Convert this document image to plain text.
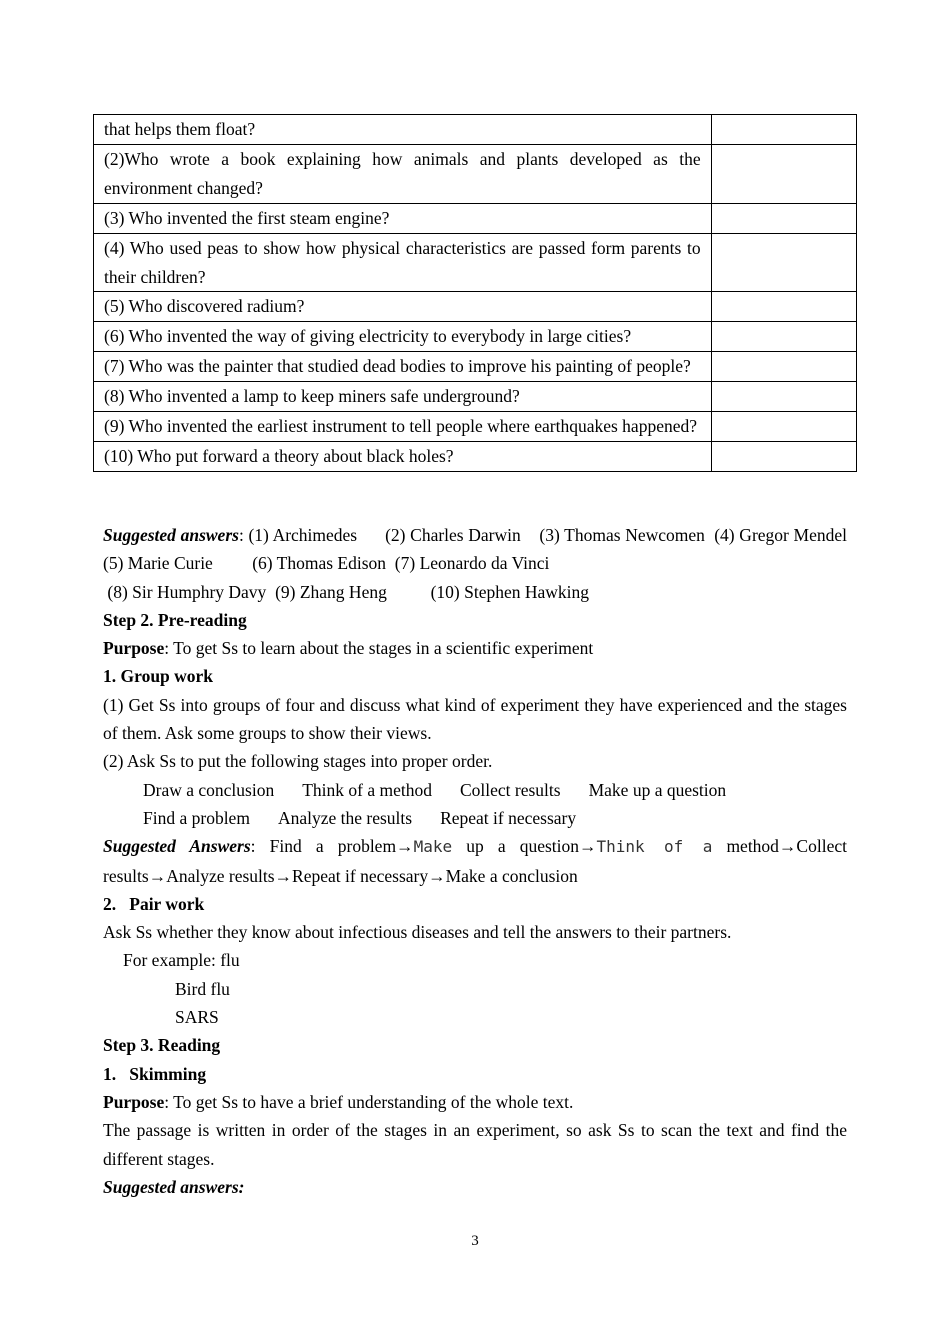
that helps them float?	
(2)Who wrote a book explaining how animals and plants developed as the environment changed?	
(3) Who invented the first steam engine?	
(4) Who used peas to show how physical characteristics are passed form parents to their children?	
(5) Who discovered radium?	
(6) Who invented the way of giving electricity to everybody in large cities?	
(7) Who was the painter that studied dead bodies to improve his painting of people?	
(8) Who invented a lamp to keep miners safe underground?	
(9) Who invented the earliest instrument to tell people where earthquakes happened?	
(10) Who put forward a theory about black holes?	

Suggested answers: (1) Archimedes (2) Charles Darwin (3) Thomas Newcomen (4) Gregor Mendel

(5) Marie Curie (6) Thomas Edison (7) Leonardo da Vinci

(8) Sir Humphry Davy (9) Zhang Heng	(10) Stephen Hawking

Step 2. Pre-reading

Purpose: To get Ss to learn about the stages in a scientific experiment

1. Group work

(1) Get Ss into groups of four and discuss what kind of experiment they have experienced and the stages of them. Ask some groups to show their views.

(2) Ask Ss to put the following stages into proper order.

Draw a conclusion Think of a method Collect results Make up a question

Find a problem Analyze the results Repeat if necessary

Suggested Answers: Find a problem→Make up a question→Think of a method→Collect

results→Analyze results→Repeat if necessary→Make a conclusion

2.   Pair work

Ask Ss whether they know about infectious diseases and tell the answers to their partners.

For example: flu

Bird flu

SARS

Step 3. Reading

1.   Skimming

Purpose: To get Ss to have a brief understanding of the whole text.

The passage is written in order of the stages in an experiment, so ask Ss to scan the text and find the different stages.

Suggested answers:

3
